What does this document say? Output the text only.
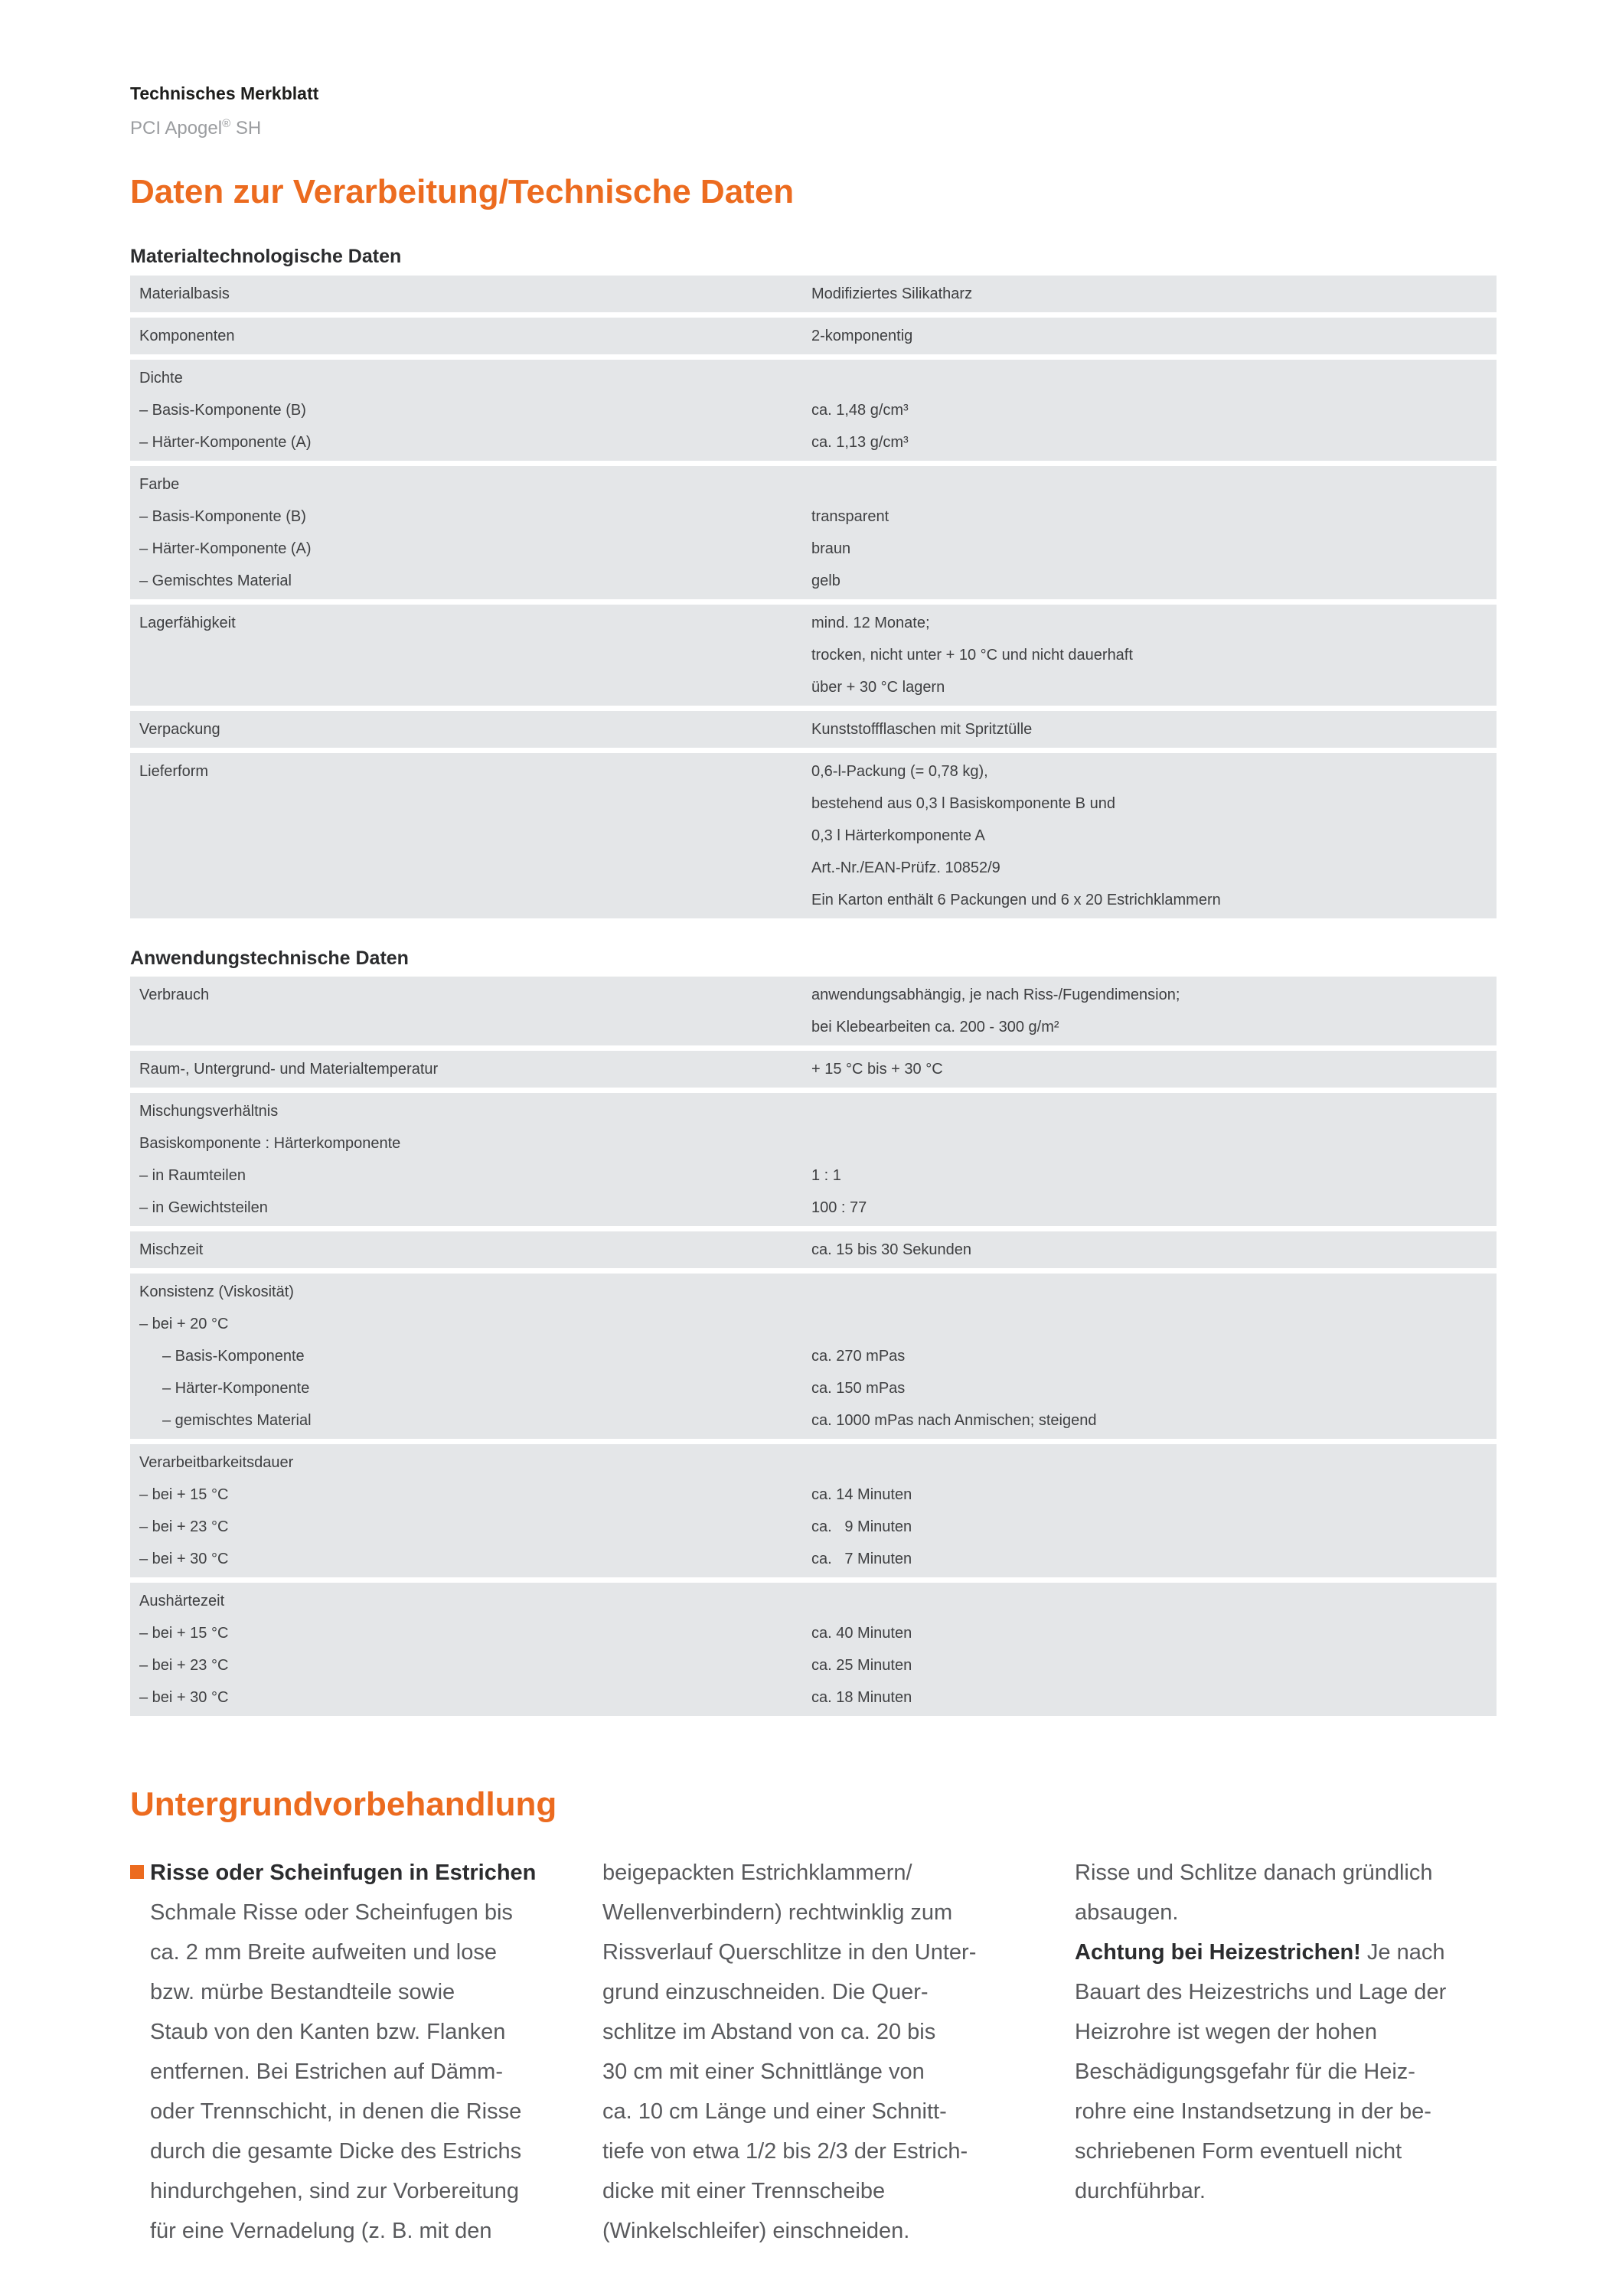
Technisches Merkblatt
PCI Apogel® SH
Daten zur Verarbeitung/Technische Daten
Materialtechnologische Daten
Materialbasis	Modifiziertes Silikatharz
Komponenten	2-komponentig
Dichte
– Basis-Komponente (B)	ca. 1,48 g/cm³
– Härter-Komponente (A)	ca. 1,13 g/cm³
Farbe
– Basis-Komponente (B)	transparent
– Härter-Komponente (A)	braun
– Gemischtes Material	gelb
Lagerfähigkeit	mind. 12 Monate;
trocken, nicht unter + 10 °C und nicht dauerhaft
über + 30 °C lagern
Verpackung	Kunststoffflaschen mit Spritztülle
Lieferform	0,6-l-Packung (= 0,78 kg),
bestehend aus 0,3 l Basiskomponente B und
0,3 l Härterkomponente A
Art.-Nr./EAN-Prüfz. 10852/9
Ein Karton enthält 6 Packungen und 6 x 20 Estrichklammern
Anwendungstechnische Daten
Verbrauch	anwendungsabhängig, je nach Riss-/Fugendimension;
bei Klebearbeiten ca. 200 - 300 g/m²
Raum-, Untergrund- und Materialtemperatur	+ 15 °C bis + 30 °C
Mischungsverhältnis
Basiskomponente : Härterkomponente
– in Raumteilen	1 : 1
– in Gewichtsteilen	100 : 77
Mischzeit	ca. 15 bis 30 Sekunden
Konsistenz (Viskosität)
– bei + 20 °C
– Basis-Komponente	ca. 270 mPas
– Härter-Komponente	ca. 150 mPas
– gemischtes Material	ca. 1000 mPas nach Anmischen; steigend
Verarbeitbarkeitsdauer
– bei + 15 °C	ca. 14 Minuten
– bei + 23 °C	ca.   9 Minuten
– bei + 30 °C	ca.   7 Minuten
Aushärtezeit
– bei + 15 °C	ca. 40 Minuten
– bei + 23 °C	ca. 25 Minuten
– bei + 30 °C	ca. 18 Minuten
Untergrundvorbehandlung
Risse oder Scheinfugen in Estrichen
Schmale Risse oder Scheinfugen bis
ca. 2 mm Breite aufweiten und lose
bzw. mürbe Bestandteile sowie
Staub von den Kanten bzw. Flanken
entfernen. Bei Estrichen auf Dämm-
oder Trennschicht, in denen die Risse
durch die gesamte Dicke des Estrichs
hindurchgehen, sind zur Vorbereitung
für eine Vernadelung (z. B. mit den
beigepackten Estrichklammern/
Wellenverbindern) rechtwinklig zum
Rissverlauf Querschlitze in den Unter-
grund einzuschneiden. Die Quer-
schlitze im Abstand von ca. 20 bis
30 cm mit einer Schnittlänge von
ca. 10 cm Länge und einer Schnitt-
tiefe von etwa 1/2 bis 2/3 der Estrich-
dicke mit einer Trennscheibe
(Winkelschleifer) einschneiden.
Risse und Schlitze danach gründlich
absaugen.
Achtung bei Heizestrichen! Je nach
Bauart des Heizestrichs und Lage der
Heizrohre ist wegen der hohen
Beschädigungsgefahr für die Heiz-
rohre eine Instandsetzung in der be-
schriebenen Form eventuell nicht
durchführbar.
